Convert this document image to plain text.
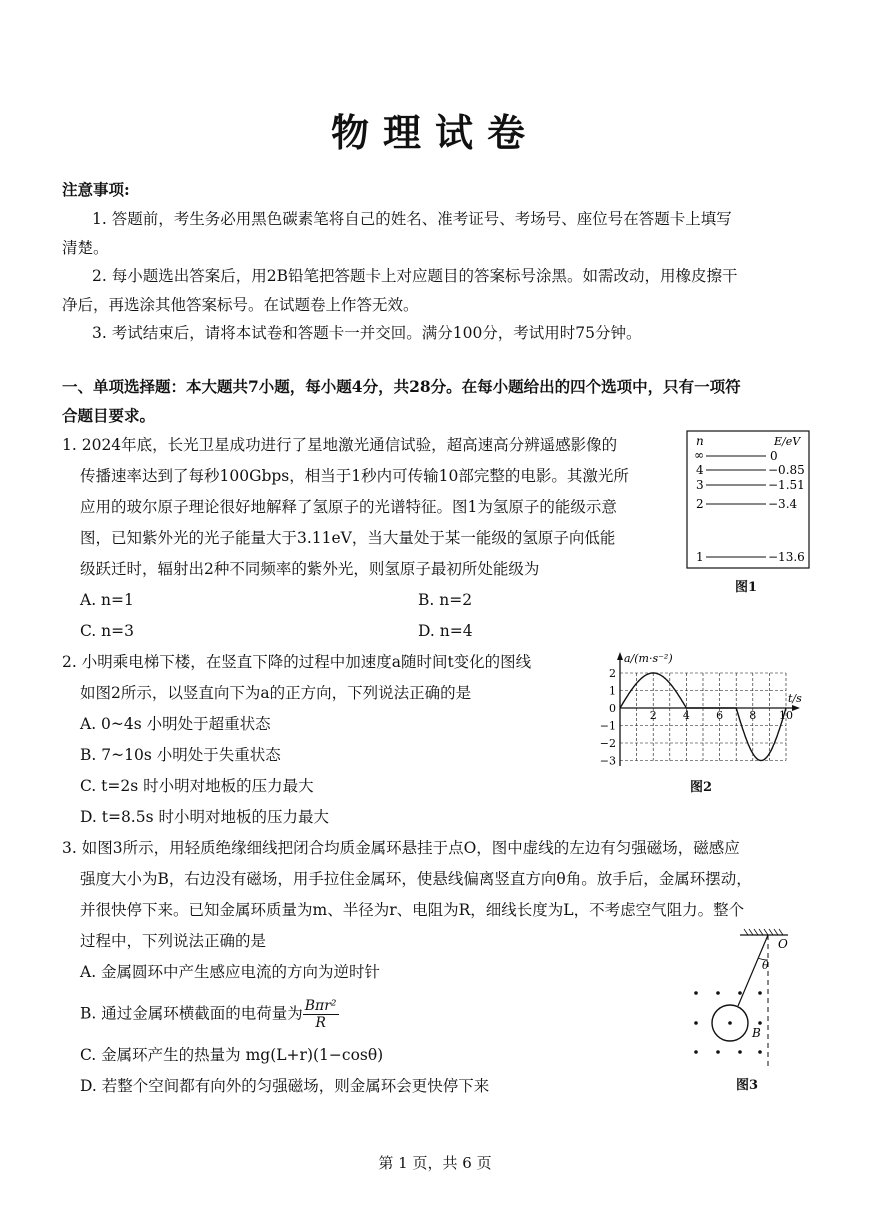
物理试卷
注意事项:
1. 答题前，考生务必用黑色碳素笔将自己的姓名、准考证号、考场号、座位号在答题卡上填写
清楚。
2. 每小题选出答案后，用2B铅笔把答题卡上对应题目的答案标号涂黑。如需改动，用橡皮擦干
净后，再选涂其他答案标号。在试题卷上作答无效。
3. 考试结束后，请将本试卷和答题卡一并交回。满分100分，考试用时75分钟。
一、单项选择题：本大题共7小题，每小题4分，共28分。在每小题给出的四个选项中，只有一项符
合题目要求。
1. 2024年底，长光卫星成功进行了星地激光通信试验，超高速高分辨遥感影像的
传播速率达到了每秒100Gbps，相当于1秒内可传输10部完整的电影。其激光所
应用的玻尔原子理论很好地解释了氢原子的光谱特征。图1为氢原子的能级示意
图，已知紫外光的光子能量大于3.11eV，当大量处于某一能级的氢原子向低能
级跃迁时，辐射出2种不同频率的紫外光，则氢原子最初所处能级为
A. n=1	B. n=2
C. n=3	D. n=4
n	E/eV
∞	0
4	−0.85
3	−1.51
2	−3.4
1	−13.6
图1
2. 小明乘电梯下楼，在竖直下降的过程中加速度a随时间t变化的图线
如图2所示，以竖直向下为a的正方向，下列说法正确的是
A. 0~4s 小明处于超重状态
B. 7~10s 小明处于失重状态
C. t=2s 时小明对地板的压力最大
D. t=8.5s 时小明对地板的压力最大
a/(m·s⁻²)
t/s
2
1
0
−1
−2
−3
2 4 6 8 10
图2
3. 如图3所示，用轻质绝缘细线把闭合均质金属环悬挂于点O，图中虚线的左边有匀强磁场，磁感应
强度大小为B，右边没有磁场，用手拉住金属环，使悬线偏离竖直方向θ角。放手后，金属环摆动，
并很快停下来。已知金属环质量为m、半径为r、电阻为R，细线长度为L，不考虑空气阻力。整个
过程中，下列说法正确的是
A. 金属圆环中产生感应电流的方向为逆时针
B. 通过金属环横截面的电荷量为 $\frac{\text{Bπr²}}{R}$
C. 金属环产生的热量为 mg(L+r)(1−cosθ)
D. 若整个空间都有向外的匀强磁场，则金属环会更快停下来
O
θ
B
图3
第 1 页，共 6 页
